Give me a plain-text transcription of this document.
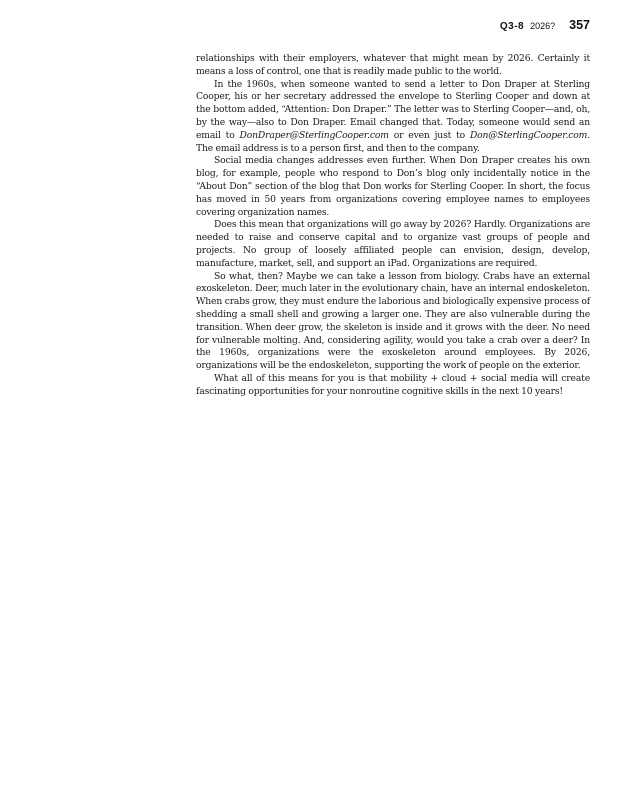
Q3-8 2026? 357

relationships with their employers, whatever that might mean by 2026. Certainly it means a loss of control, one that is readily made public to the world.

In the 1960s, when someone wanted to send a letter to Don Draper at Sterling Cooper, his or her secretary addressed the envelope to Sterling Cooper and down at the bottom added, “Attention: Don Draper.” The letter was to Sterling Cooper—and, oh, by the way—also to Don Draper. Email changed that. Today, someone would send an email to DonDraper@SterlingCooper.com or even just to Don@SterlingCooper.com. The email address is to a person first, and then to the company.

Social media changes addresses even further. When Don Draper creates his own blog, for example, people who respond to Don’s blog only incidentally notice in the “About Don” section of the blog that Don works for Sterling Cooper. In short, the focus has moved in 50 years from organizations covering employee names to employees covering organization names.

Does this mean that organizations will go away by 2026? Hardly. Organizations are needed to raise and conserve capital and to organize vast groups of people and projects. No group of loosely affiliated people can envision, design, develop, manufacture, market, sell, and support an iPad. Organizations are required.

So what, then? Maybe we can take a lesson from biology. Crabs have an external exoskeleton. Deer, much later in the evolutionary chain, have an internal endoskeleton. When crabs grow, they must endure the laborious and biologically expensive process of shedding a small shell and growing a larger one. They are also vulnerable during the transition. When deer grow, the skeleton is inside and it grows with the deer. No need for vulnerable molting. And, considering agility, would you take a crab over a deer? In the 1960s, organizations were the exoskeleton around employees. By 2026, organizations will be the endoskeleton, supporting the work of people on the exterior.

What all of this means for you is that mobility + cloud + social media will create fascinating opportunities for your nonroutine cognitive skills in the next 10 years!
